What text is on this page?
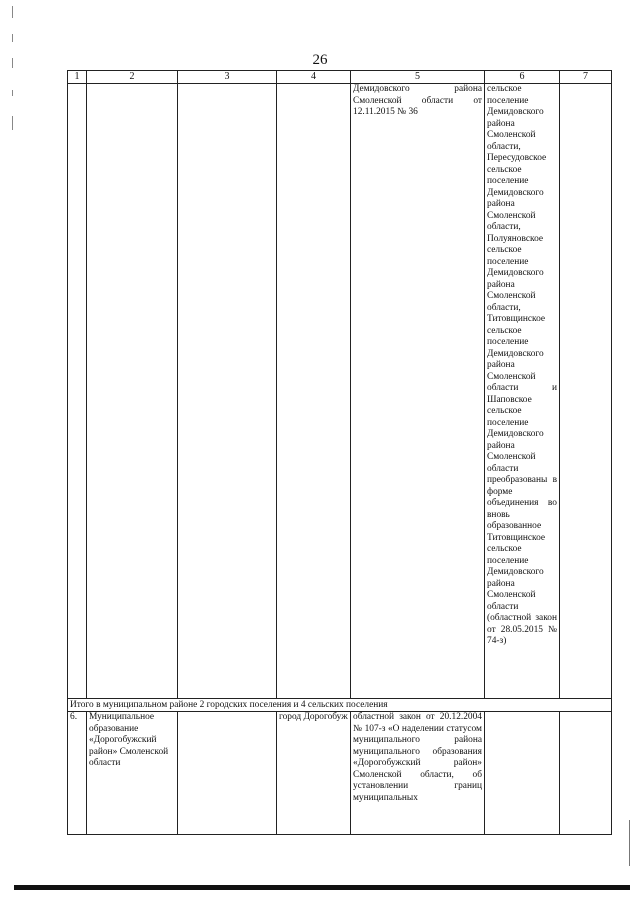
26
1	2	3	4	5	6	7
				Демидовского района Смоленской области от 12.11.2015 № 36	сельское поселение Демидовского района Смоленской области, Пересудовское сельское поселение Демидовского района Смоленской области, Полуяновское сельское поселение Демидовского района Смоленской области, Титовщинское сельское поселение Демидовского района Смоленской области и Шаповское сельское поселение Демидовского района Смоленской области преобразованы в форме объединения во вновь образованное Титовщинское сельское поселение Демидовского района Смоленской области (областной закон от 28.05.2015 № 74-з)	
Итого в муниципальном районе 2 городских поселения и 4 сельских поселения						
6.	Муниципальное образование «Дорогобужский район» Смоленской области		город Дорогобуж	областной закон от 20.12.2004 № 107-з «О наделении статусом муниципального района муниципального образования «Дорогобужский район» Смоленской области, об установлении границ муниципальных		
